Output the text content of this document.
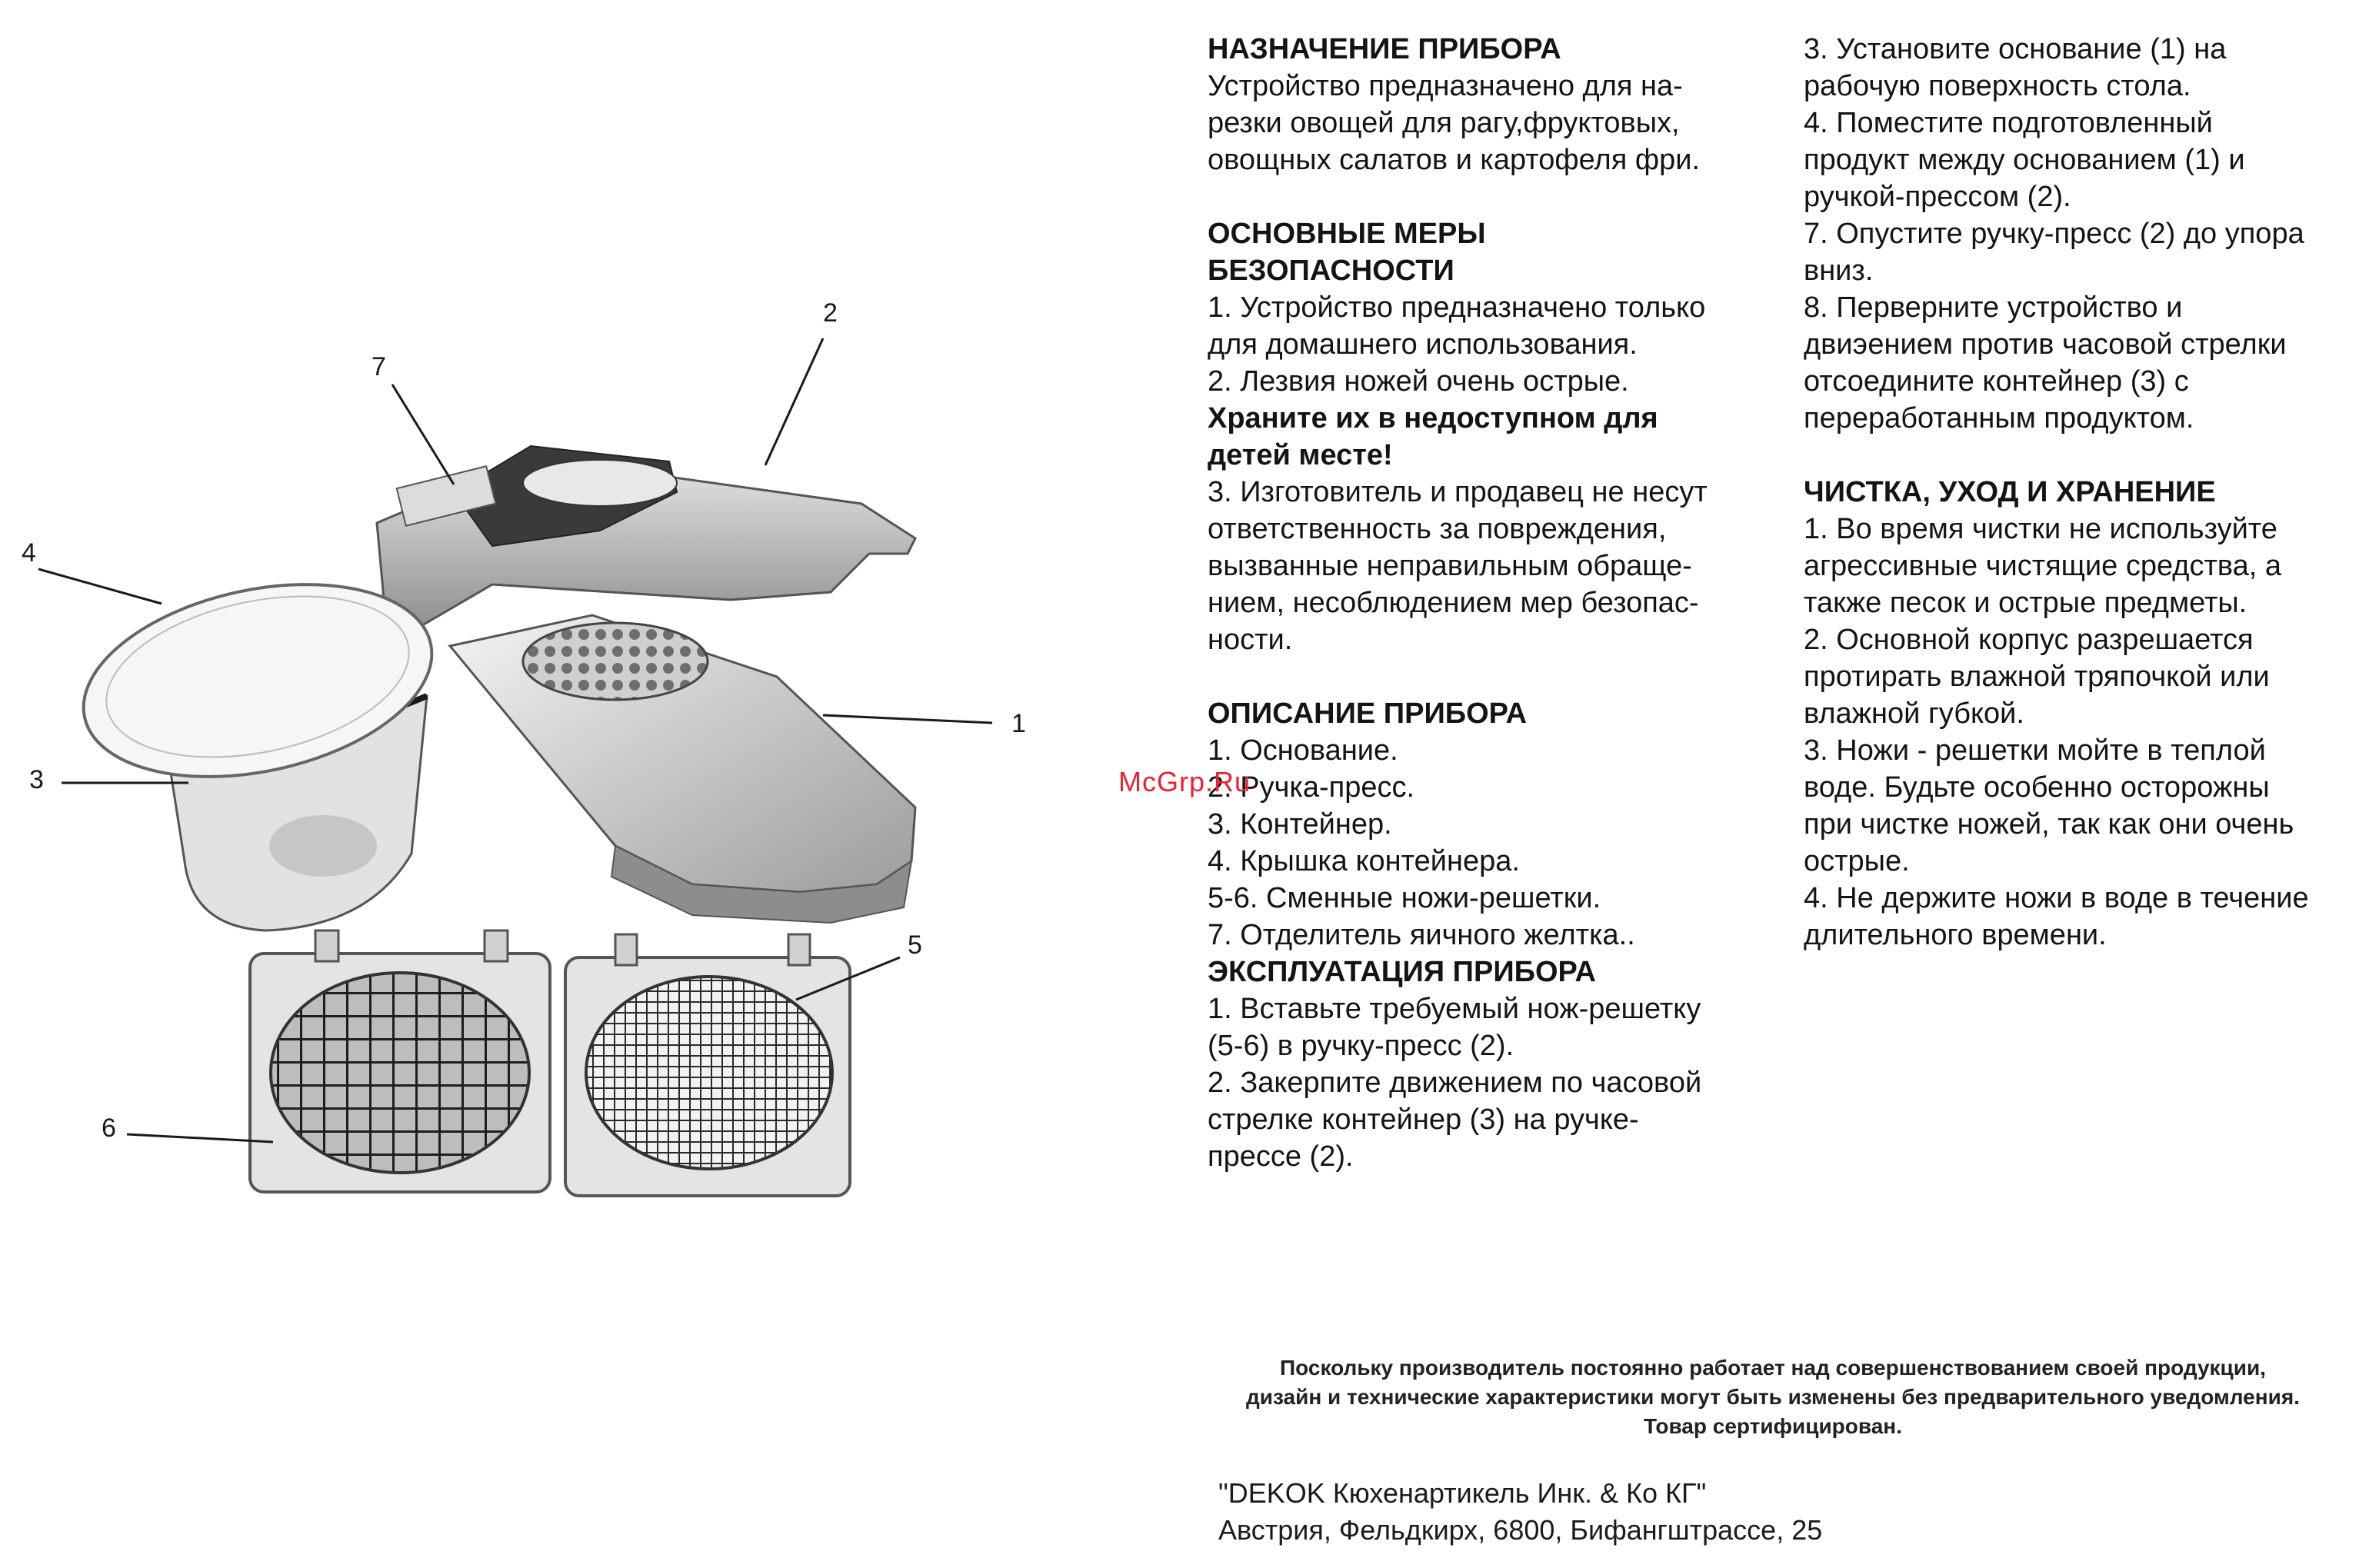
1
2
3
4
5
6
7

НАЗНАЧЕНИЕ ПРИБОРА

Устройство предназначено для на-

резки овощей для рагу,фруктовых,

овощных салатов и картофеля фри.

ОСНОВНЫЕ МЕРЫ

БЕЗОПАСНОСТИ

1. Устройство предназначено только

для домашнего использования.

2. Лезвия ножей очень острые.

Храните их в недоступном для

детей месте!

3. Изготовитель и продавец не несут

ответственность за повреждения,

вызванные неправильным обраще-

нием, несоблюдением мер безопас-

ности.

ОПИСАНИЕ ПРИБОРА

1. Основание.

2. Ручка-пресс.

3. Контейнер.

4. Крышка контейнера.

5-6. Сменные ножи-решетки.

7. Отделитель яичного желтка..

ЭКСПЛУАТАЦИЯ ПРИБОРА

1. Вставьте требуемый нож-решетку

(5-6) в ручку-пресс (2).

2. Закерпите движением по часовой

стрелке контейнер (3) на ручке-

прессе (2).

3. Установите основание (1) на

рабочую поверхность стола.

4. Поместите подготовленный

продукт между основанием (1) и

ручкой-прессом (2).

7. Опустите ручку-пресс (2) до упора

вниз.

8. Перверните устройство и

двиэением против часовой стрелки

отсоедините контейнер (3) с

переработанным продуктом.

ЧИСТКА, УХОД И ХРАНЕНИЕ

1. Во время чистки не используйте

агрессивные чистящие средства, а

также песок и острые предметы.

2. Основной корпус разрешается

протирать влажной тряпочкой или

влажной губкой.

3. Ножи - решетки мойте в теплой

воде. Будьте особенно осторожны

при чистке ножей, так как они очень

острые.

4. Не держите ножи в воде в течение

длительного времени.

McGrp.Ru
Поскольку производитель постоянно работает над совершенствованием своей продукции,
дизайн и технические характеристики могут быть изменены без предварительного уведомления.
Товар сертифицирован.
"DEKOK Кюхенартикель Инк. & Ко КГ"
Австрия, Фельдкирх, 6800, Бифангштрассе, 25
